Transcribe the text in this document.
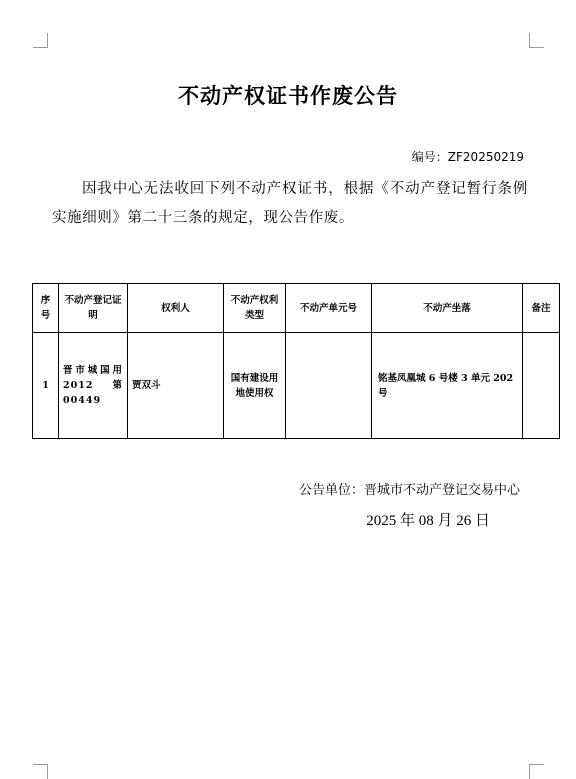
不动产权证书作废公告
编号：ZF20250219
因我中心无法收回下列不动产权证书，根据《不动产登记暂行条例实施细则》第二十三条的规定，现公告作废。
序号	不动产登记证明	权利人	不动产权利类型	不动产单元号	不动产坐落	备注
1	晋市城国用 2012 第 00449	贾双斗	国有建设用地使用权		铭基凤凰城 6 号楼 3 单元 202 号	
公告单位：晋城市不动产登记交易中心
2025 年 08 月 26 日
